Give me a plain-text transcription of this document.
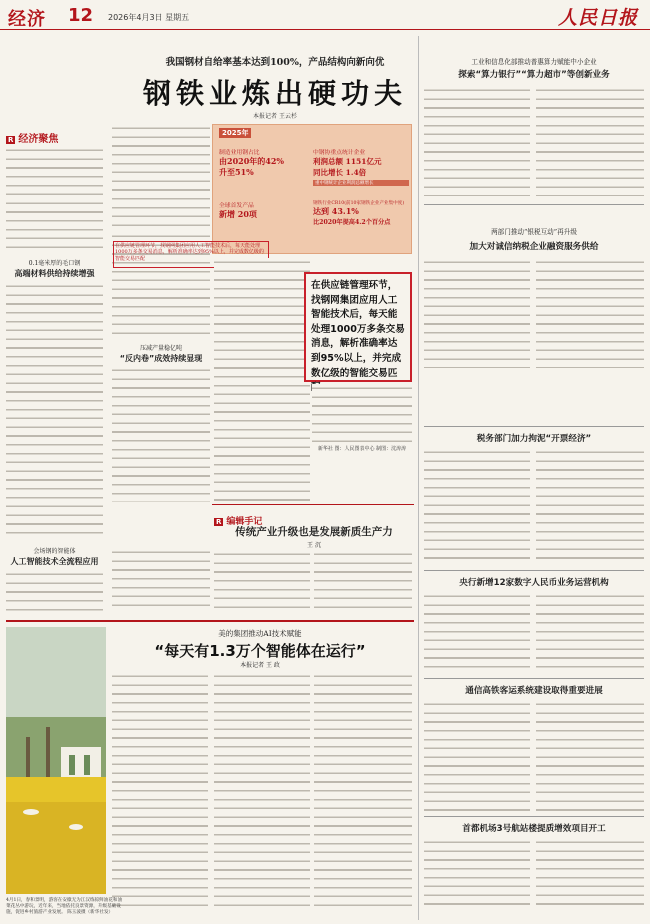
经济 12 2026年4月3日 星期五	人民日报
我国钢材自给率基本达到100%，产品结构向新向优
钢铁业炼出硬功夫
本报记者 王云杉
R 经济聚焦
0.1毫米厚的毛口钢
高端材料供给持续增强
会场钢的智能体
人工智能技术全流程应用
压减产量稳亿吨
“反内卷”成效持续显现
2025年
制造业用钢占比
由2020年的42%
升至51%
中钢协重点统计企业
利润总额 1151亿元
同比增长 1.4倍
重中钢统计企业利润总额增长
全球首发产品
新增 20项
钢铁行业CR10(前10家钢铁企业产业集中度)
达到 43.1%
比2020年提高4.2个百分点
在供应链管理环节，找钢网集团应用人工智能技术后，每天能处理1000万多条交易消息，解析准确率达到95%以上，并完成数亿级的智能交易匹配
在供应链管理环节，找钢网集团应用人工智能技术后，每天能处理1000万多条交易消息，解析准确率达到95%以上，并完成数亿级的智能交易匹
新华社 图：人民图表中心 制图：沈涛涛
R 编辑手记
传统产业升级也是发展新质生产力
王 沉
美的集团推动AI技术赋能
“每天有1.3万个智能体在运行”
本报记者 王 政
4月1日，春和景明，游客在安徽无为江汉练掠鲜油花和油菜花丛中游玩，近年来，当地依托良景资源，升级基础设施，促进乡村旅游产业发展。 陈玉波摄（新华社发）
工业和信息化部推动普惠算力赋能中小企业
探索“算力银行”“算力超市”等创新业务
两部门推动“银税互动”再升级
加大对诚信纳税企业融资服务供给
税务部门加力拘泥“开票经济”
央行新增12家数字人民币业务运营机构
通信高铁客运系统建设取得重要进展
首都机场3号航站楼提质增效项目开工
